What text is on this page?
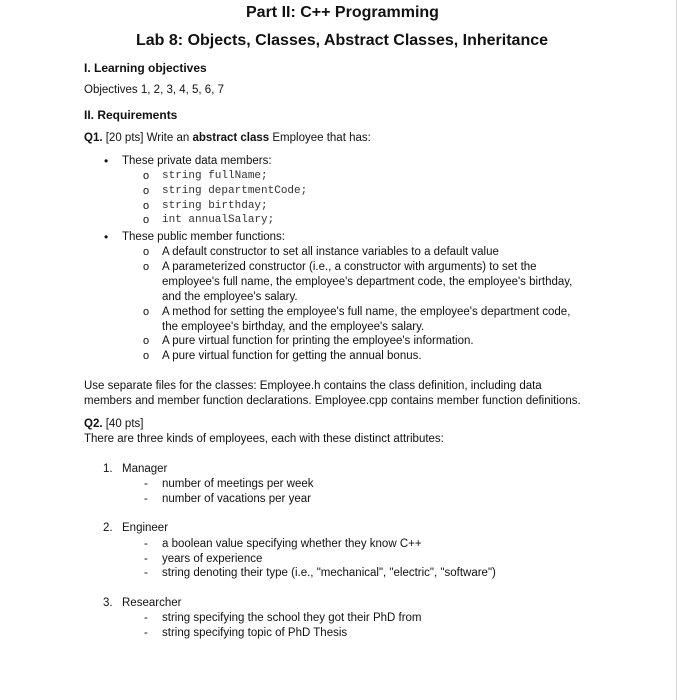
Part II: C++ Programming
Lab 8: Objects, Classes, Abstract Classes, Inheritance
I. Learning objectives
Objectives 1, 2, 3, 4, 5, 6, 7
II. Requirements
Q1. [20 pts] Write an abstract class Employee that has:
• These private data members:
o string fullName;
o string departmentCode;
o string birthday;
o int annualSalary;
• These public member functions:
o A default constructor to set all instance variables to a default value
o A parameterized constructor (i.e., a constructor with arguments) to set the
employee's full name, the employee's department code, the employee's birthday,
and the employee's salary.
o A method for setting the employee's full name, the employee's department code,
the employee's birthday, and the employee's salary.
o A pure virtual function for printing the employee's information.
o A pure virtual function for getting the annual bonus.
Use separate files for the classes: Employee.h contains the class definition, including data
members and member function declarations. Employee.cpp contains member function definitions.
Q2. [40 pts]
There are three kinds of employees, each with these distinct attributes:
1. Manager
- number of meetings per week
- number of vacations per year
2. Engineer
- a boolean value specifying whether they know C++
- years of experience
- string denoting their type (i.e., "mechanical", "electric", "software")
3. Researcher
- string specifying the school they got their PhD from
- string specifying topic of PhD Thesis
